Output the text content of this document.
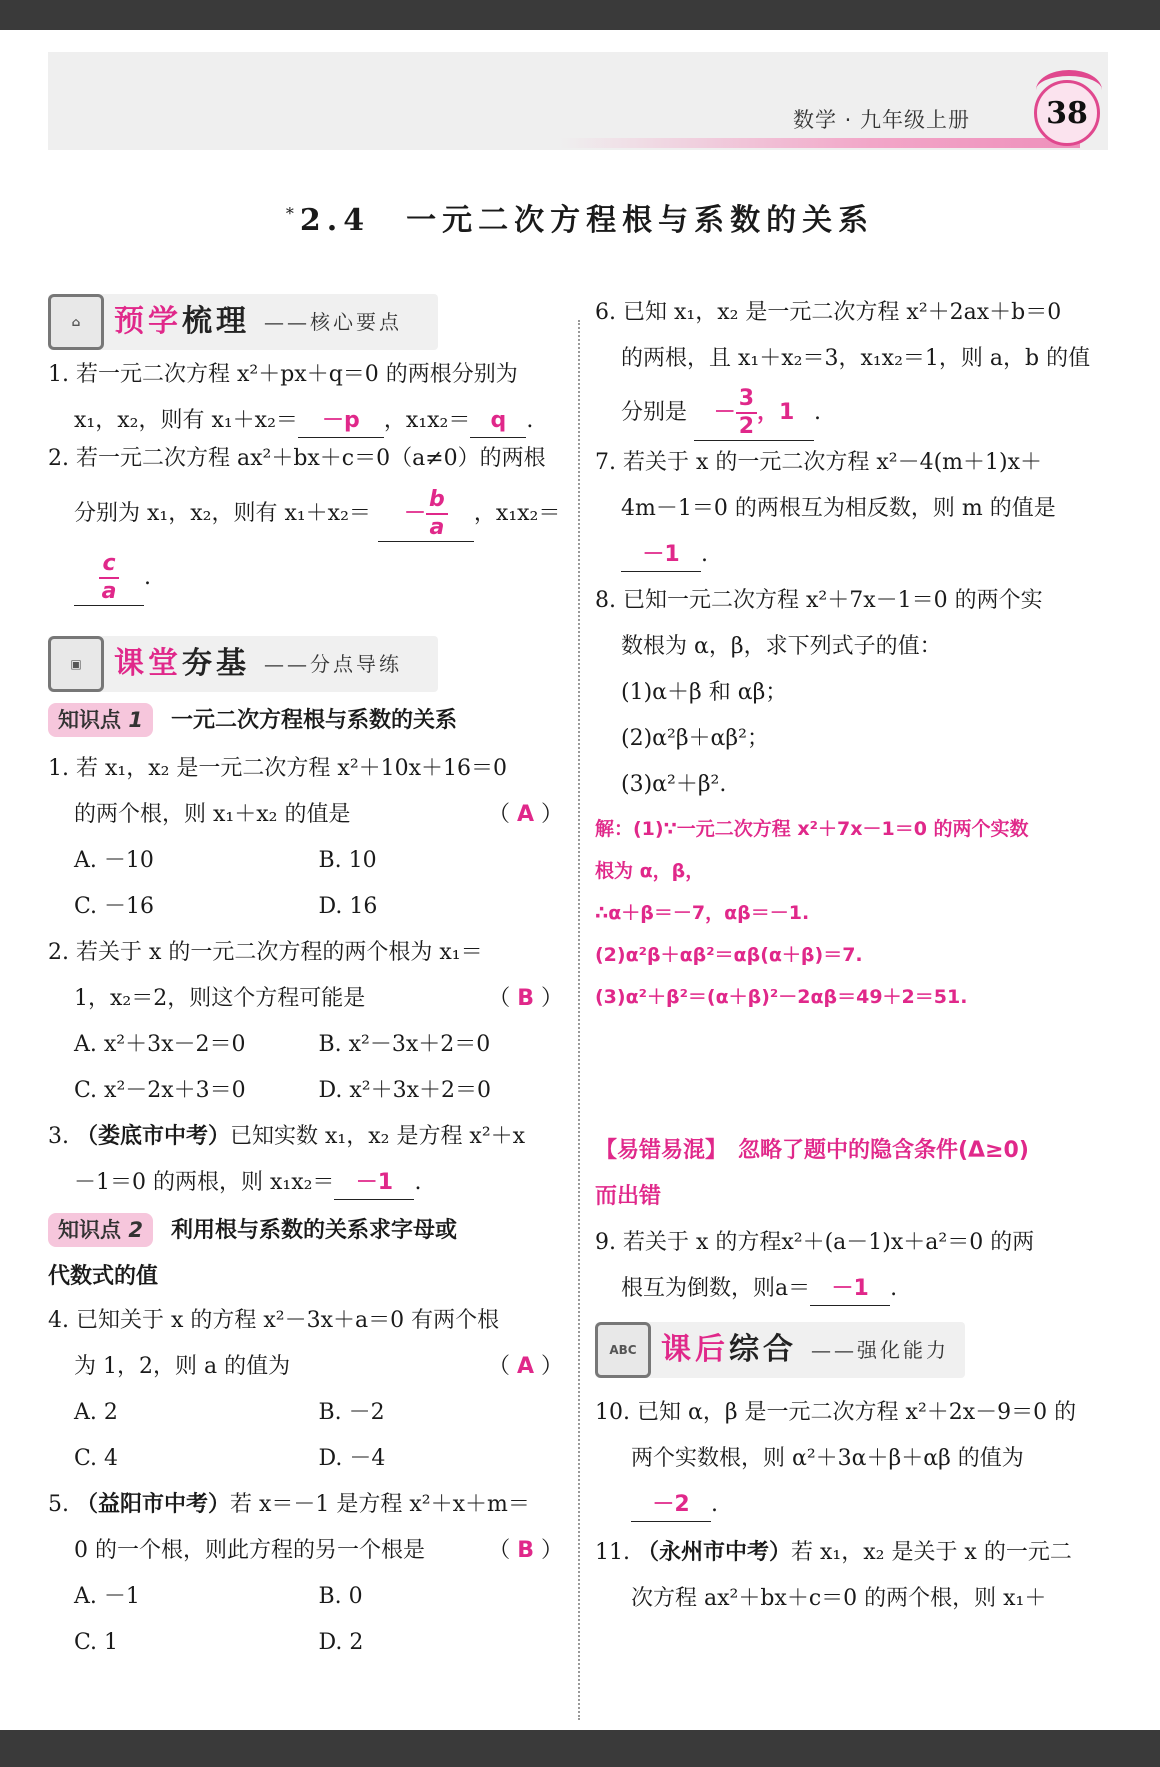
数学 · 九年级上册	38
*2.4　一元二次方程根与系数的关系
⌂	预学梳理 ——核心要点

1. 若一元二次方程 x²＋px＋q＝0 的两根分别为

x₁，x₂，则有 x₁＋x₂＝ －p ，x₁x₂＝ q .

2. 若一元二次方程 ax²＋bx＋c＝0（a≠0）的两根

分别为 x₁，x₂，则有 $x_1+x_2= - \frac{b}{a}$ ，x₁x₂＝

$\frac{c}{a}$ .

▣	课堂夯基 ——分点导练
知识点 1 一元二次方程根与系数的关系

1. 若 x₁，x₂ 是一元二次方程 x²＋10x＋16＝0

的两个根，则 x₁＋x₂ 的值是	（ A ）

A. －10	B. 10
C. －16	D. 16

2. 若关于 x 的一元二次方程的两个根为 x₁＝

1，x₂＝2，则这个方程可能是	（ B ）

A. x²＋3x－2＝0	B. x²－3x＋2＝0
C. x²－2x＋3＝0	D. x²＋3x＋2＝0

3. （娄底市中考）已知实数 x₁，x₂ 是方程 x²＋x

－1＝0 的两根，则 x₁x₂＝ －1 .

知识点 2 利用根与系数的关系求字母或
代数式的值

4. 已知关于 x 的方程 x²－3x＋a＝0 有两个根

为 1，2，则 a 的值为	（ A ）

A. 2	B. －2
C. 4	D. －4

5. （益阳市中考）若 x＝－1 是方程 x²＋x＋m＝

0 的一个根，则此方程的另一个根是	（ B ）

A. －1	B. 0
C. 1	D. 2

6. 已知 x₁，x₂ 是一元二次方程 x²＋2ax＋b＝0

的两根，且 x₁＋x₂＝3，x₁x₂＝1，则 a，b 的值

分别是 － $\frac{3}{2}$ ，1 .

7. 若关于 x 的一元二次方程 x²－4(m＋1)x＋

4m－1＝0 的两根互为相反数，则 m 的值是

－1 .

8. 已知一元二次方程 x²＋7x－1＝0 的两个实

数根为 α，β，求下列式子的值：

(1)α＋β 和 αβ；

(2)α²β＋αβ²；

(3)α²＋β².

解：(1)∵一元二次方程 x²＋7x－1＝0 的两个实数

根为 α，β，

∴α＋β＝－7，αβ＝－1.

(2)α²β＋αβ²＝αβ(α＋β)＝7.

(3)α²＋β²＝(α＋β)²－2αβ＝49＋2＝51.

【易错易混】　忽略了题中的隐含条件(Δ≥0)

而出错

9. 若关于 x 的方程x²＋(a－1)x＋a²＝0 的两

根互为倒数，则a＝ －1 .

ABC 课后综合 ——强化能力

10. 已知 α，β 是一元二次方程 x²＋2x－9＝0 的

两个实数根，则 α²＋3α＋β＋αβ 的值为

－2 .

11. （永州市中考）若 x₁，x₂ 是关于 x 的一元二

次方程 ax²＋bx＋c＝0 的两个根，则 x₁＋
